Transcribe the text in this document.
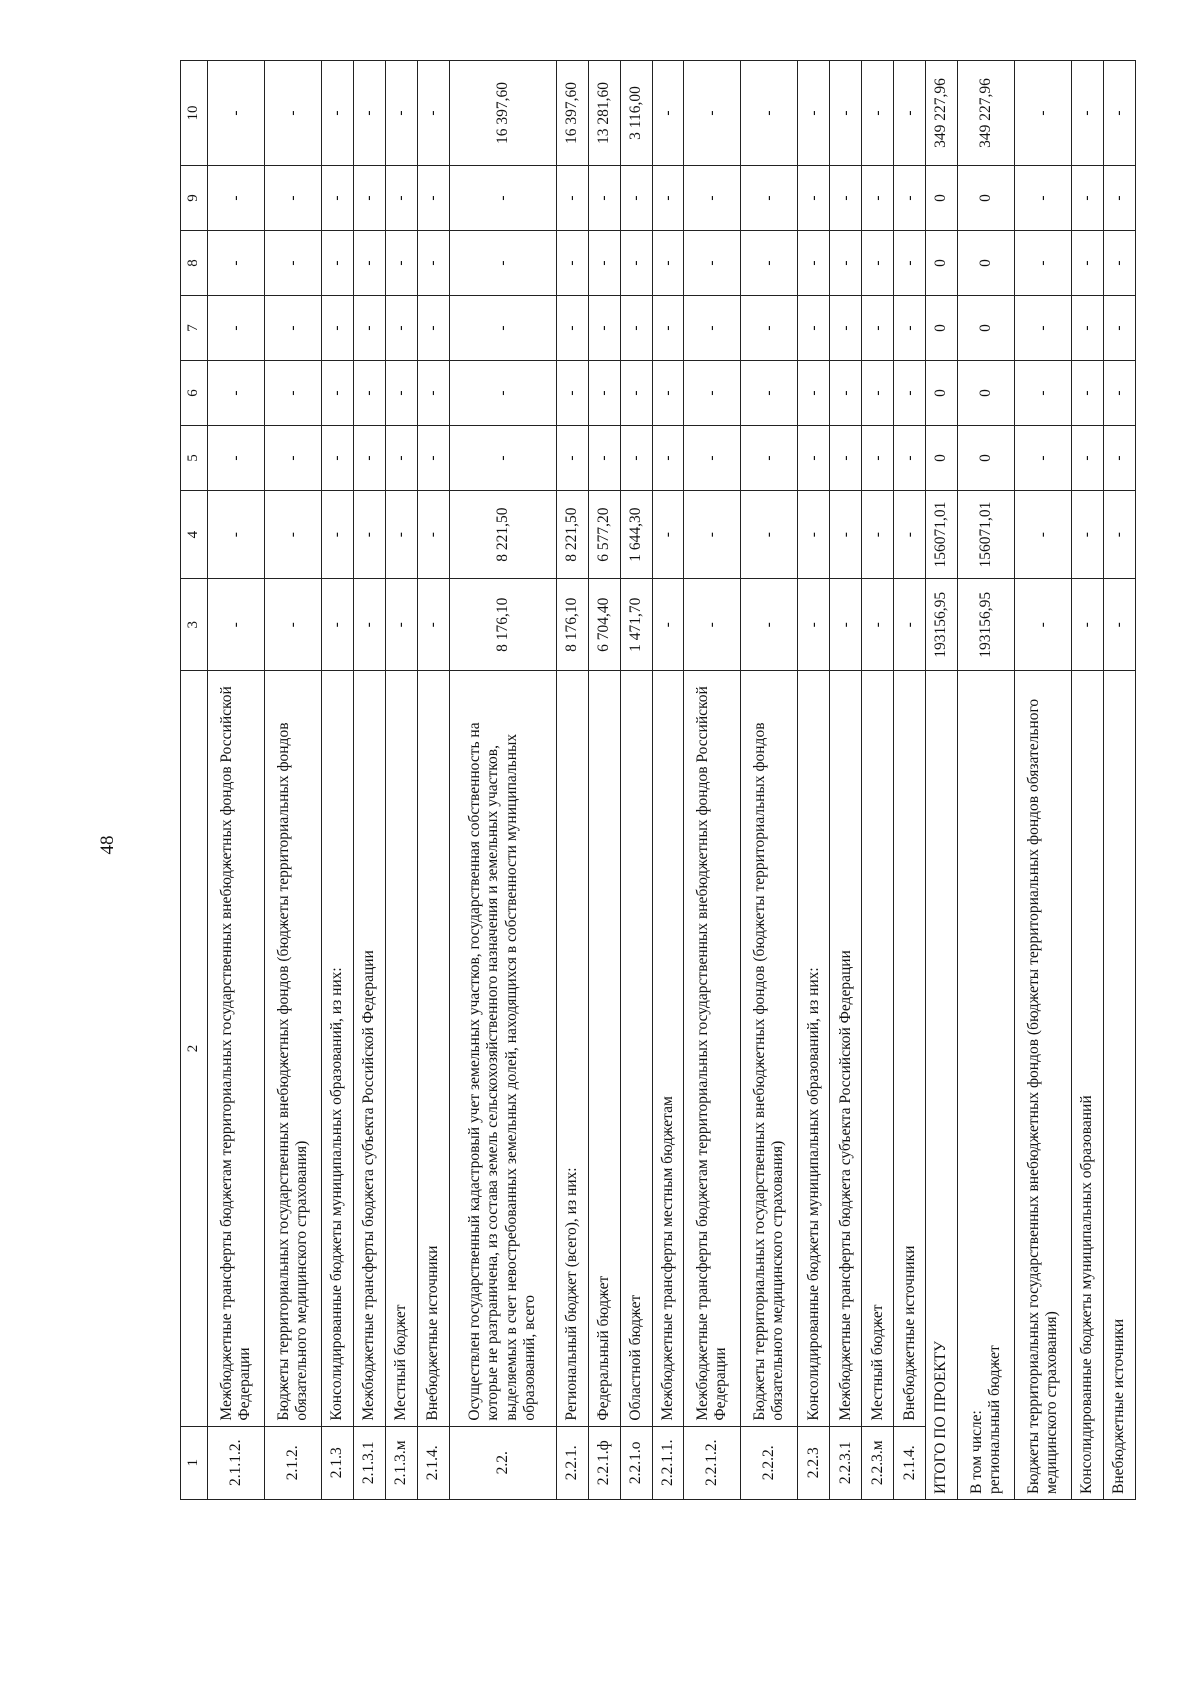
48
1	2	3	4	5	6	7	8	9	10
2.1.1.2.	Межбюджетные трансферты бюджетам территориальных государственных внебюджетных фондов Российской Федерации	-	-	-	-	-	-	-	-
2.1.2.	Бюджеты территориальных государственных внебюджетных фондов (бюджеты территориальных фондов обязательного медицинского страхования)	-	-	-	-	-	-	-	-
2.1.3	Консолидированные бюджеты муниципальных образований, из них:	-	-	-	-	-	-	-	-
2.1.3.1	Межбюджетные трансферты бюджета субъекта Российской Федерации	-	-	-	-	-	-	-	-
2.1.3.м	Местный бюджет	-	-	-	-	-	-	-	-
2.1.4.	Внебюджетные источники	-	-	-	-	-	-	-	-
2.2.	Осуществлен государственный кадастровый учет земельных участков, государственная собственность на которые не разграничена, из состава земель сельскохозяйственного назначения и земельных участков, выделяемых в счет невостребованных земельных долей, находящихся в собственности муниципальных образований, всего	8 176,10	8 221,50	-	-	-	-	-	16 397,60
2.2.1.	Региональный бюджет (всего), из них:	8 176,10	8 221,50	-	-	-	-	-	16 397,60
2.2.1.ф	Федеральный бюджет	6 704,40	6 577,20	-	-	-	-	-	13 281,60
2.2.1.о	Областной бюджет	1 471,70	1 644,30	-	-	-	-	-	3 116,00
2.2.1.1.	Межбюджетные трансферты местным бюджетам	-	-	-	-	-	-	-	-
2.2.1.2.	Межбюджетные трансферты бюджетам территориальных государственных внебюджетных фондов Российской Федерации	-	-	-	-	-	-	-	-
2.2.2.	Бюджеты территориальных государственных внебюджетных фондов (бюджеты территориальных фондов обязательного медицинского страхования)	-	-	-	-	-	-	-	-
2.2.3	Консолидированные бюджеты муниципальных образований, из них:	-	-	-	-	-	-	-	-
2.2.3.1	Межбюджетные трансферты бюджета субъекта Российской Федерации	-	-	-	-	-	-	-	-
2.2.3.м	Местный бюджет	-	-	-	-	-	-	-	-
2.1.4.	Внебюджетные источники	-	-	-	-	-	-	-	-
ИТОГО ПО ПРОЕКТУ		193156,95	156071,01	0	0	0	0	0	349 227,96
В том числе:
региональный бюджет		193156,95	156071,01	0	0	0	0	0	349 227,96
Бюджеты территориальных государственных внебюджетных фондов (бюджеты территориальных фондов обязательного медицинского страхования)		-	-	-	-	-	-	-	-
Консолидированные бюджеты муниципальных образований		-	-	-	-	-	-	-	-
Внебюджетные источники		-	-	-	-	-	-	-	-
